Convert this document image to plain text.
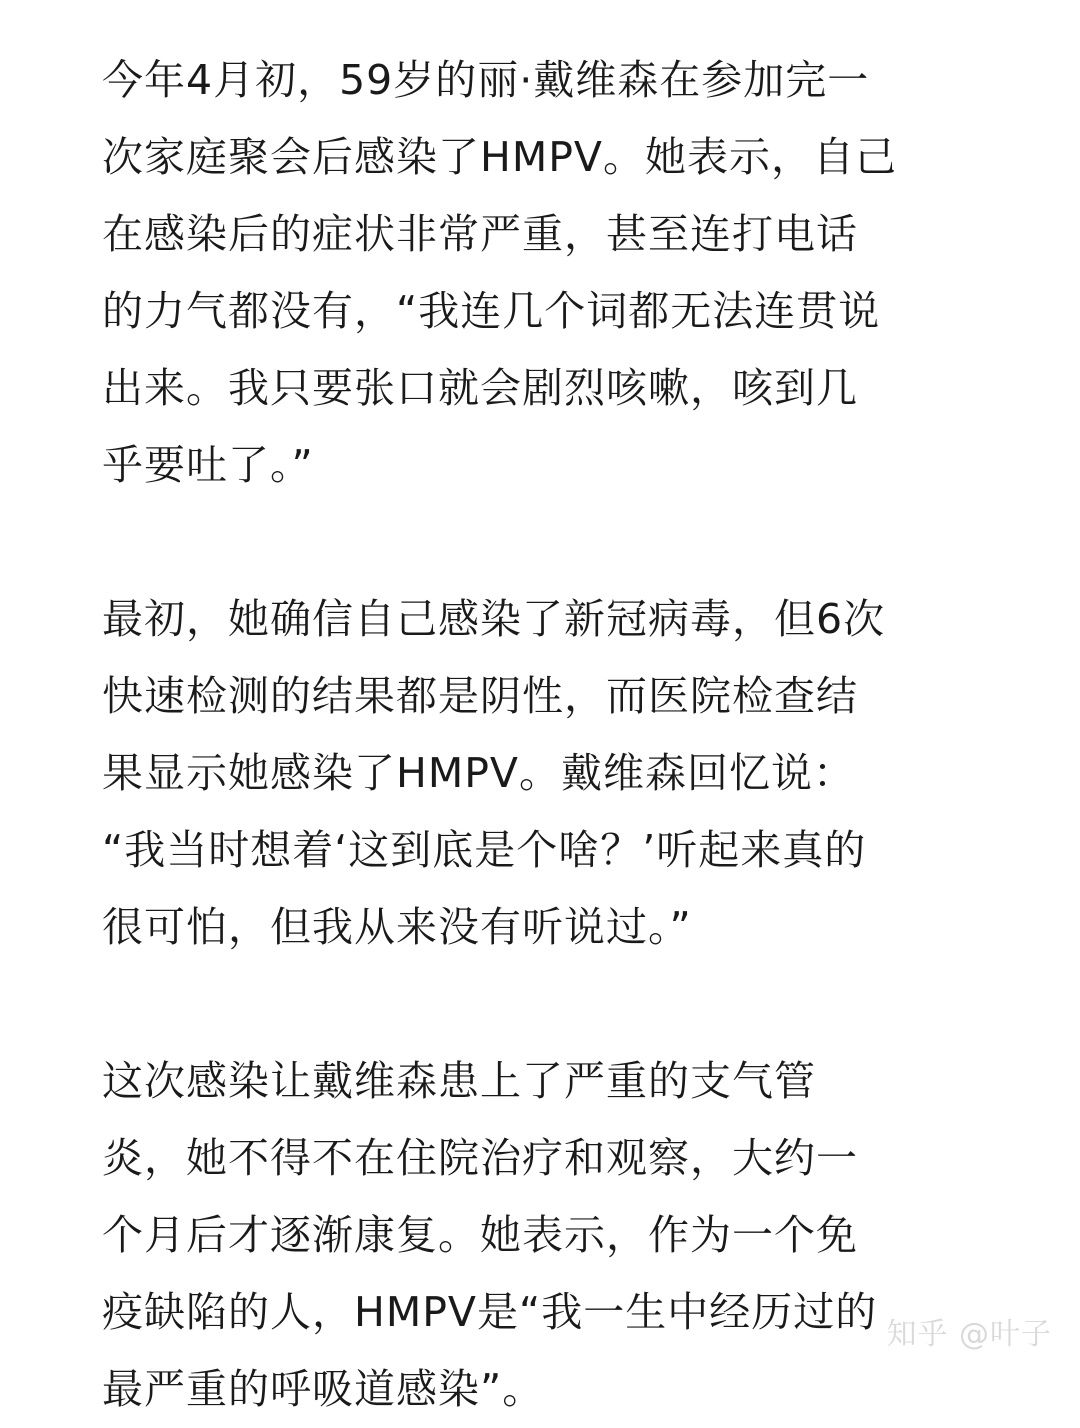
今年4月初，59岁的丽·戴维森在参加完一
次家庭聚会后感染了HMPV。她表示，自己
在感染后的症状非常严重，甚至连打电话
的力气都没有，“我连几个词都无法连贯说
出来。我只要张口就会剧烈咳嗽，咳到几
乎要吐了。”

最初，她确信自己感染了新冠病毒，但6次
快速检测的结果都是阴性，而医院检查结
果显示她感染了HMPV。戴维森回忆说：
“我当时想着‘这到底是个啥？’听起来真的
很可怕，但我从来没有听说过。”

这次感染让戴维森患上了严重的支气管
炎，她不得不在住院治疗和观察，大约一
个月后才逐渐康复。她表示，作为一个免
疫缺陷的人，HMPV是“我一生中经历过的
最严重的呼吸道感染”。

知乎 @叶子
